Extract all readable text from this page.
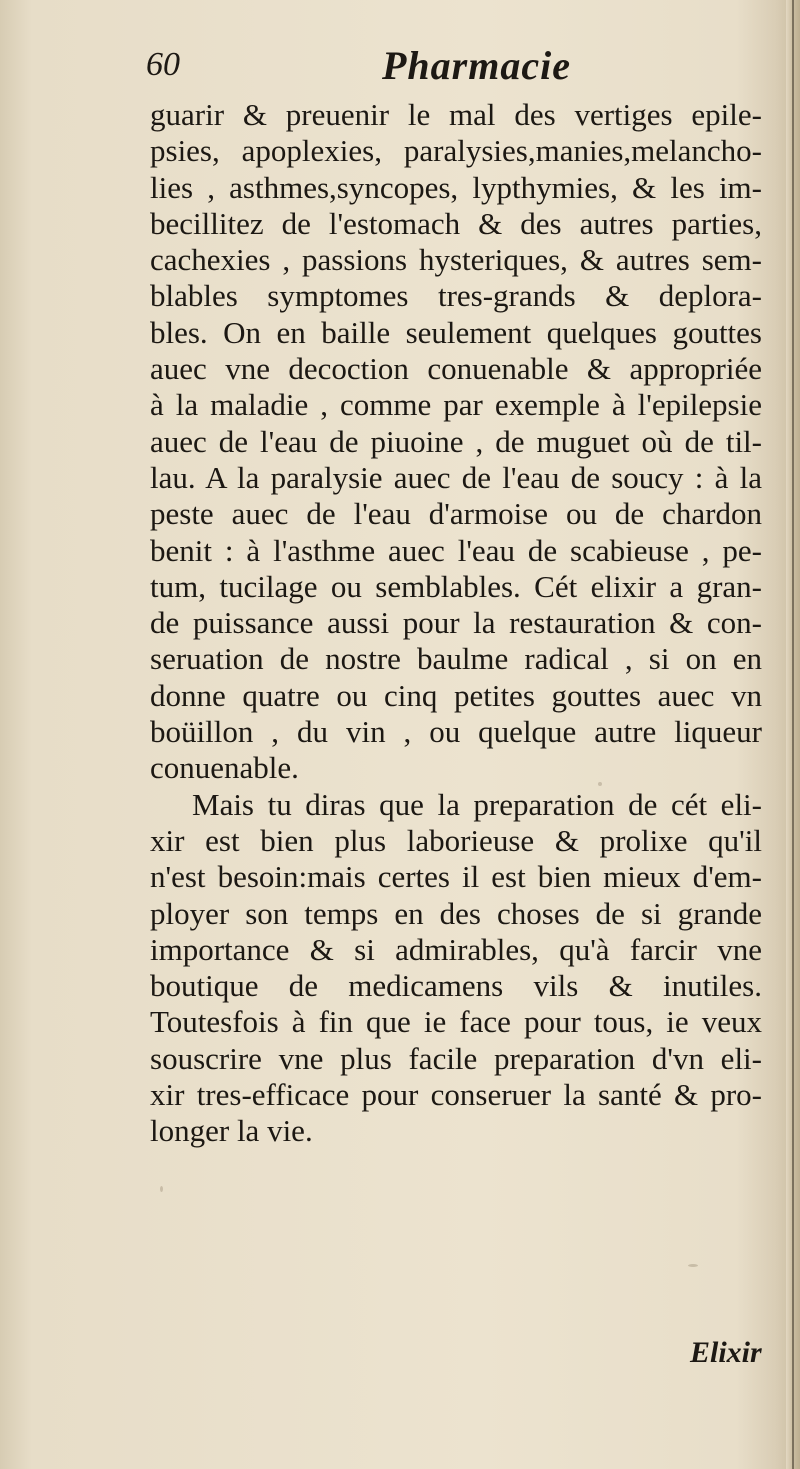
60	Pharmacie
guarir & preuenir le mal des vertiges epile-
psies, apoplexies, paralysies,manies,melancho-
lies , asthmes,syncopes, lypthymies, & les im-
becillitez de l'estomach & des autres parties,
cachexies , passions hysteriques, & autres sem-
blables symptomes tres-grands & deplora-
bles. On en baille seulement quelques gouttes
auec vne decoction conuenable & appropriée
à la maladie , comme par exemple à l'epilepsie
auec de l'eau de piuoine , de muguet où de til-
lau. A la paralysie auec de l'eau de soucy : à la
peste auec de l'eau d'armoise ou de chardon
benit : à l'asthme auec l'eau de scabieuse , pe-
tum, tucilage ou semblables. Cét elixir a gran-
de puissance aussi pour la restauration & con-
seruation de nostre baulme radical , si on en
donne quatre ou cinq petites gouttes auec vn
boüillon , du vin , ou quelque autre liqueur
conuenable.
Mais tu diras que la preparation de cét eli-
xir est bien plus laborieuse & prolixe qu'il
n'est besoin:mais certes il est bien mieux d'em-
ployer son temps en des choses de si grande
importance & si admirables, qu'à farcir vne
boutique de medicamens vils & inutiles.
Toutesfois à fin que ie face pour tous, ie veux
souscrire vne plus facile preparation d'vn eli-
xir tres-efficace pour conseruer la santé & pro-
longer la vie.
Elixir
